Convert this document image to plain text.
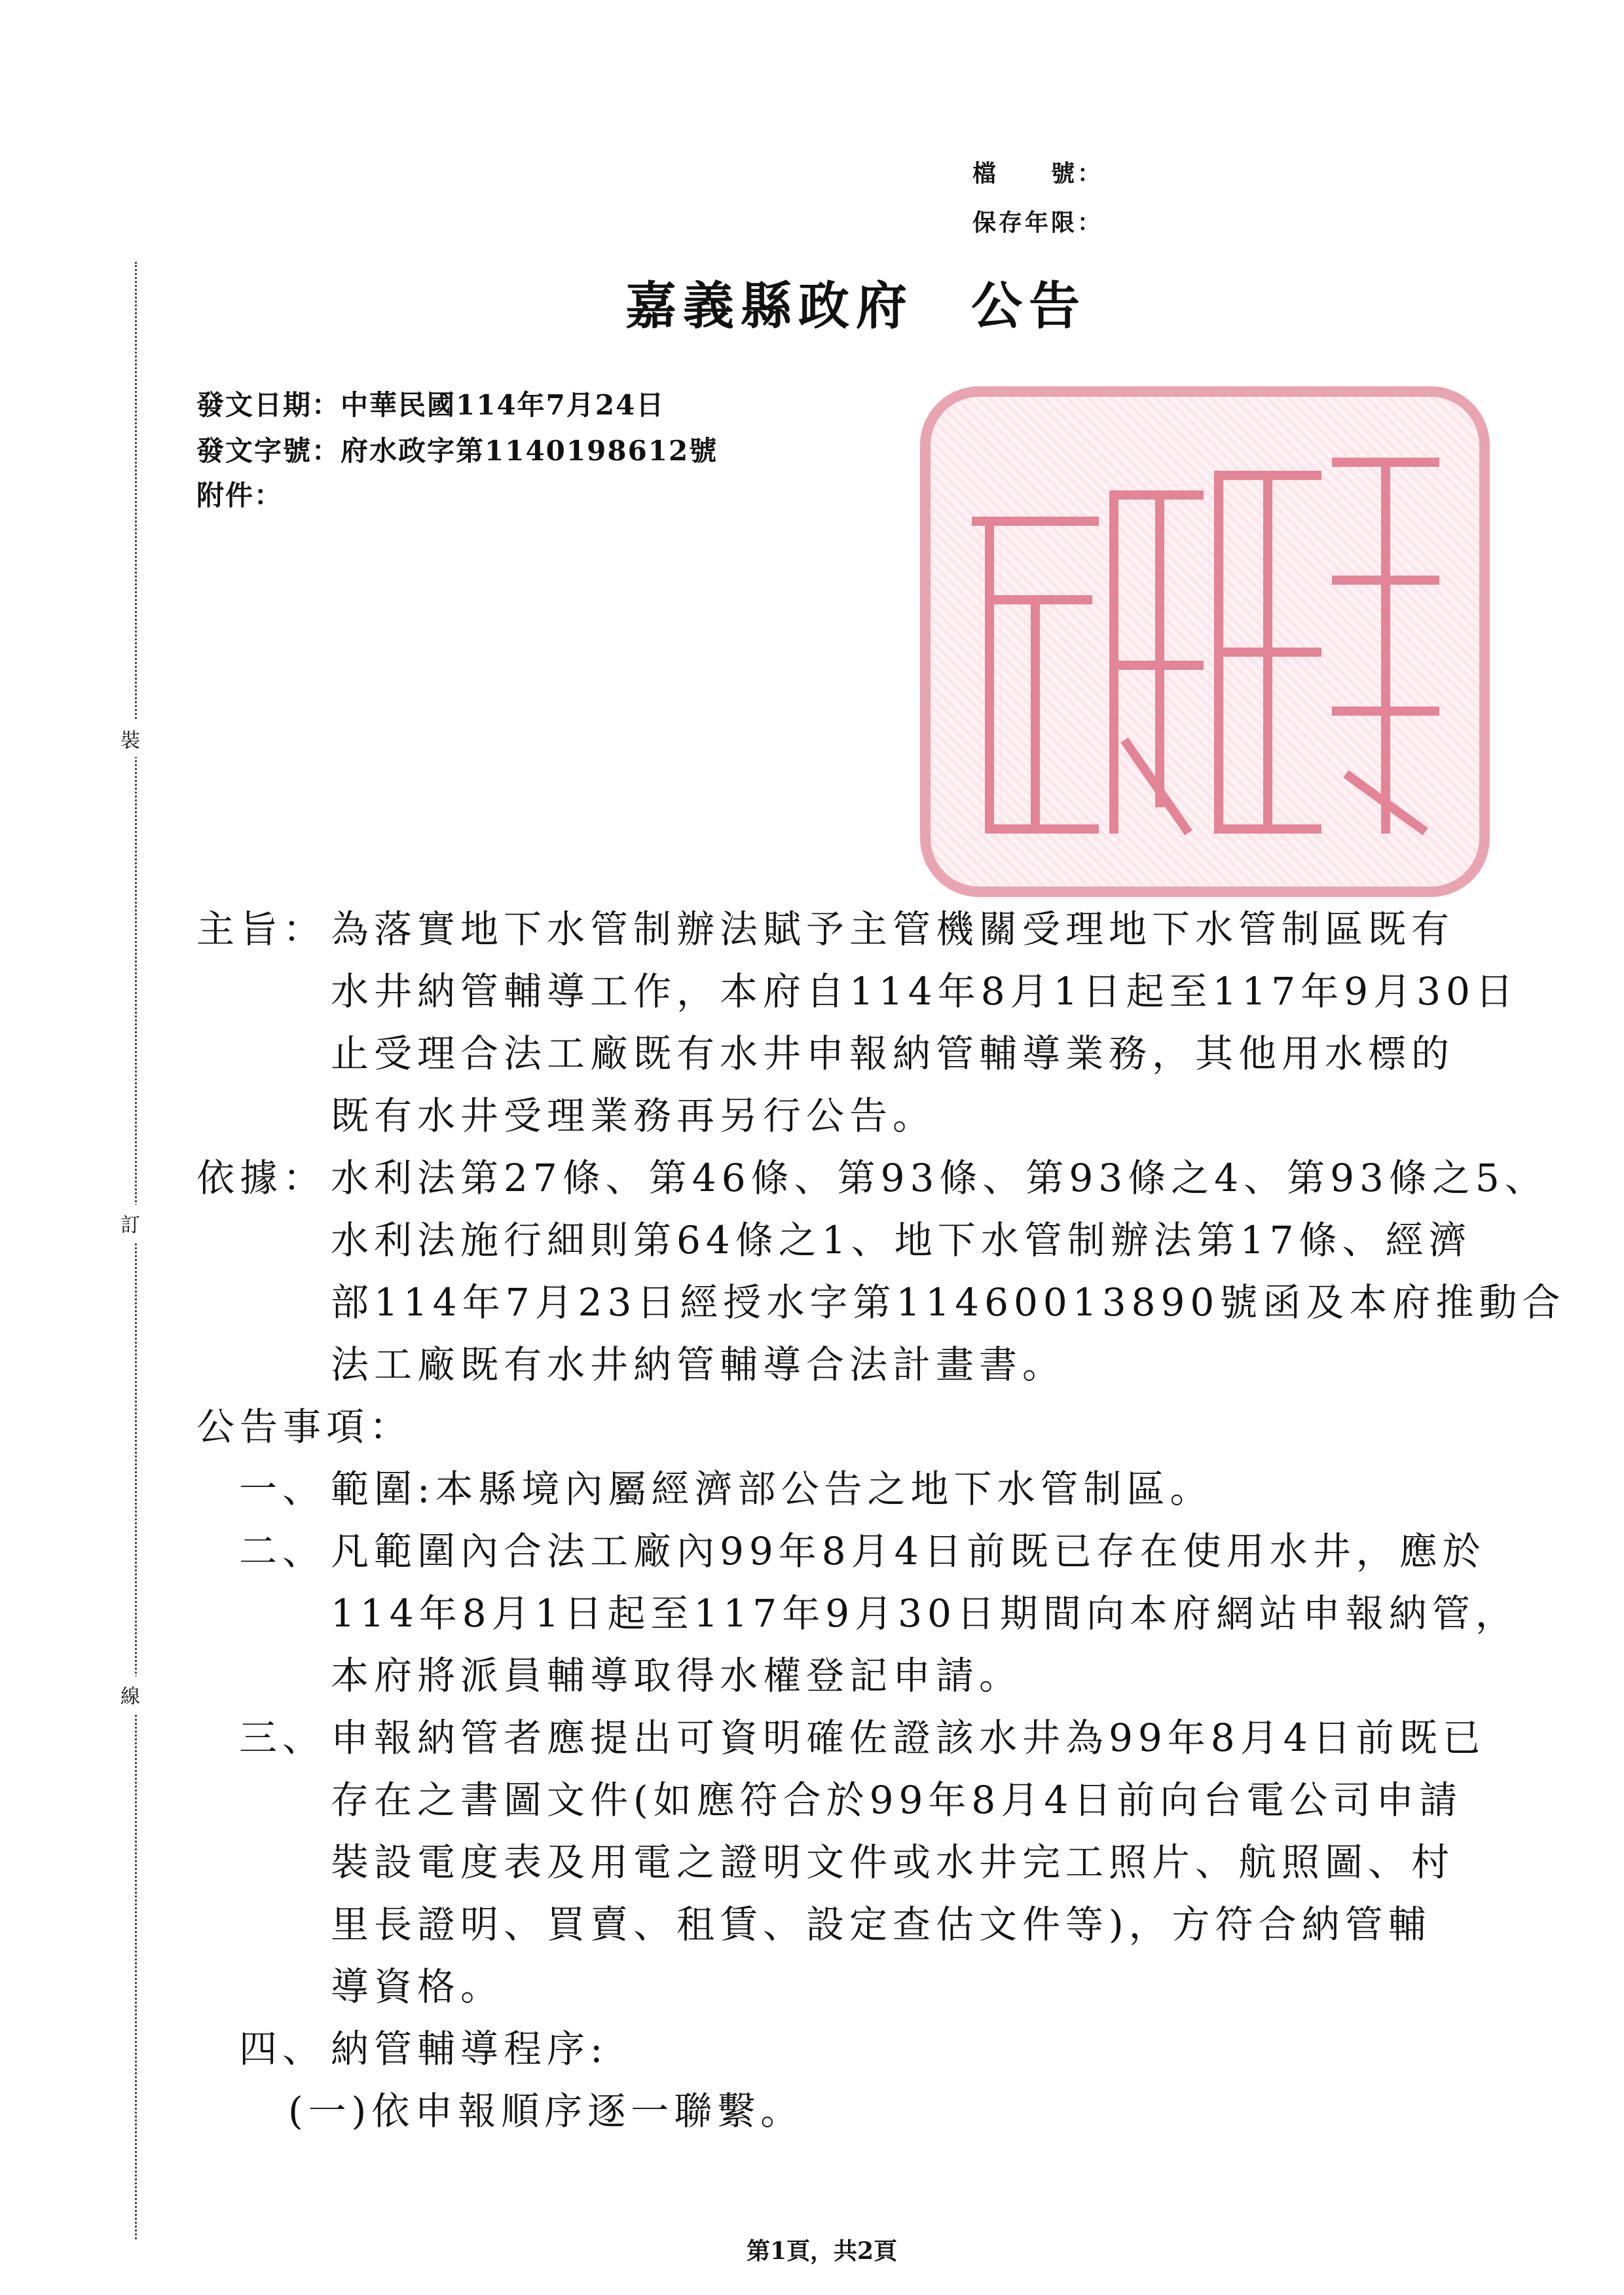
檔　　號：
保存年限：
裝
訂
線
嘉義縣政府　公告
發文日期：中華民國114年7月24日
發文字號：府水政字第1140198612號
附件：
主旨： 為落實地下水管制辦法賦予主管機關受理地下水管制區既有
水井納管輔導工作，本府自114年8月1日起至117年9月30日
止受理合法工廠既有水井申報納管輔導業務，其他用水標的
既有水井受理業務再另行公告。
依據： 水利法第27條、第46條、第93條、第93條之4、第93條之5、
水利法施行細則第64條之1、地下水管制辦法第17條、經濟
部114年7月23日經授水字第11460013890號函及本府推動合
法工廠既有水井納管輔導合法計畫書。
公告事項：
一、 範圍:本縣境內屬經濟部公告之地下水管制區。
二、 凡範圍內合法工廠內99年8月4日前既已存在使用水井，應於
114年8月1日起至117年9月30日期間向本府網站申報納管，
本府將派員輔導取得水權登記申請。
三、 申報納管者應提出可資明確佐證該水井為99年8月4日前既已
存在之書圖文件(如應符合於99年8月4日前向台電公司申請
裝設電度表及用電之證明文件或水井完工照片、航照圖、村
里長證明、買賣、租賃、設定查估文件等)，方符合納管輔
導資格。
四、 納管輔導程序:
(一)依申報順序逐一聯繫。
第1頁，共2頁
